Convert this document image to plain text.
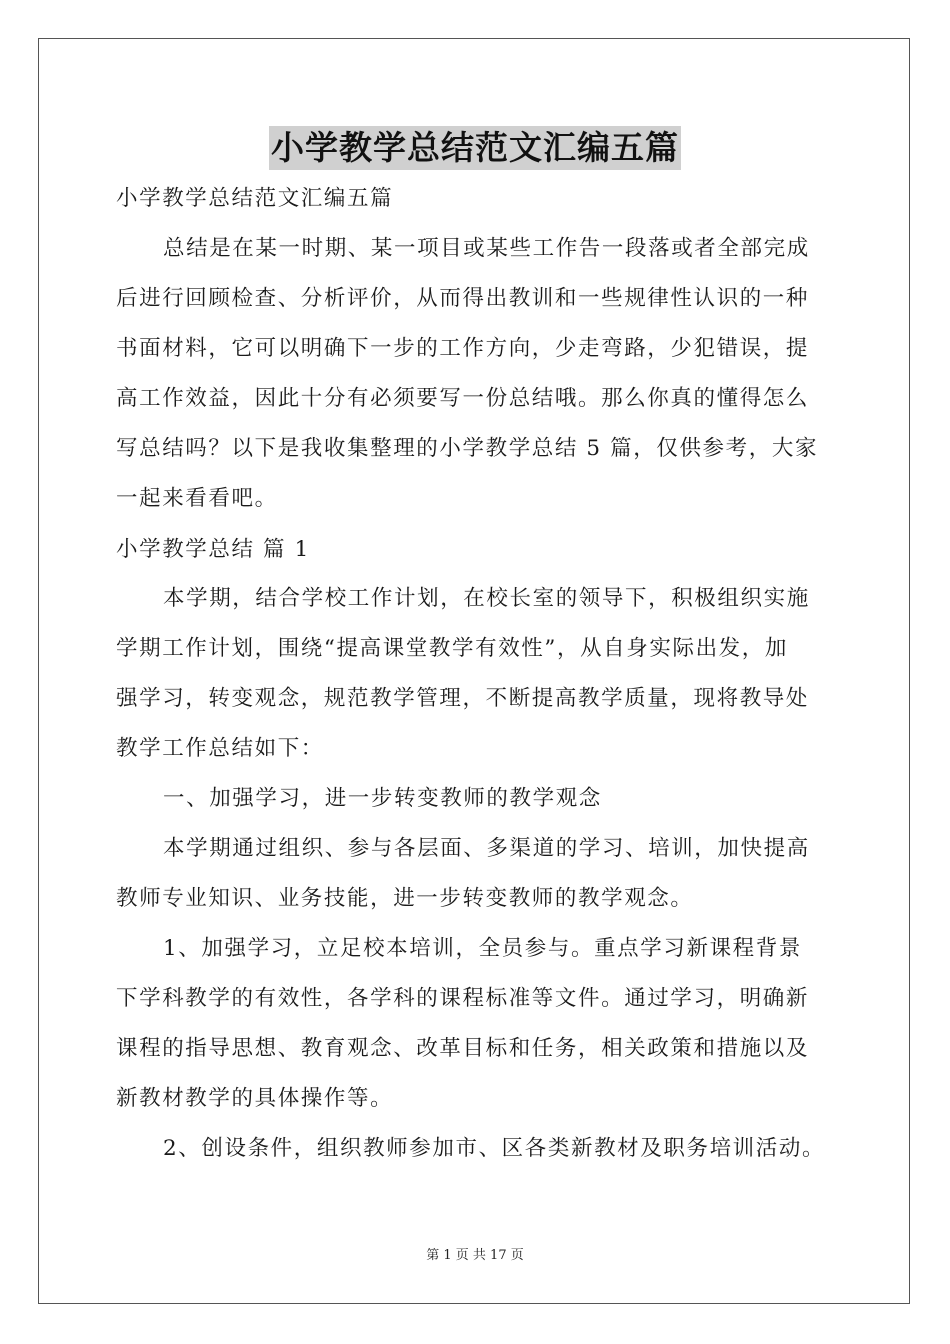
小学教学总结范文汇编五篇
小学教学总结范文汇编五篇
总结是在某一时期、某一项目或某些工作告一段落或者全部完成
后进行回顾检查、分析评价，从而得出教训和一些规律性认识的一种
书面材料，它可以明确下一步的工作方向，少走弯路，少犯错误，提
高工作效益，因此十分有必须要写一份总结哦。那么你真的懂得怎么
写总结吗？以下是我收集整理的小学教学总结 5 篇，仅供参考，大家
一起来看看吧。
小学教学总结 篇 1
本学期，结合学校工作计划，在校长室的领导下，积极组织实施
学期工作计划，围绕“提高课堂教学有效性”，从自身实际出发，加
强学习，转变观念，规范教学管理，不断提高教学质量，现将教导处
教学工作总结如下：
一、加强学习，进一步转变教师的教学观念
本学期通过组织、参与各层面、多渠道的学习、培训，加快提高
教师专业知识、业务技能，进一步转变教师的教学观念。
1、加强学习，立足校本培训，全员参与。重点学习新课程背景
下学科教学的有效性，各学科的课程标准等文件。通过学习，明确新
课程的指导思想、教育观念、改革目标和任务，相关政策和措施以及
新教材教学的具体操作等。
2、创设条件，组织教师参加市、区各类新教材及职务培训活动。
第 1 页 共 17 页
